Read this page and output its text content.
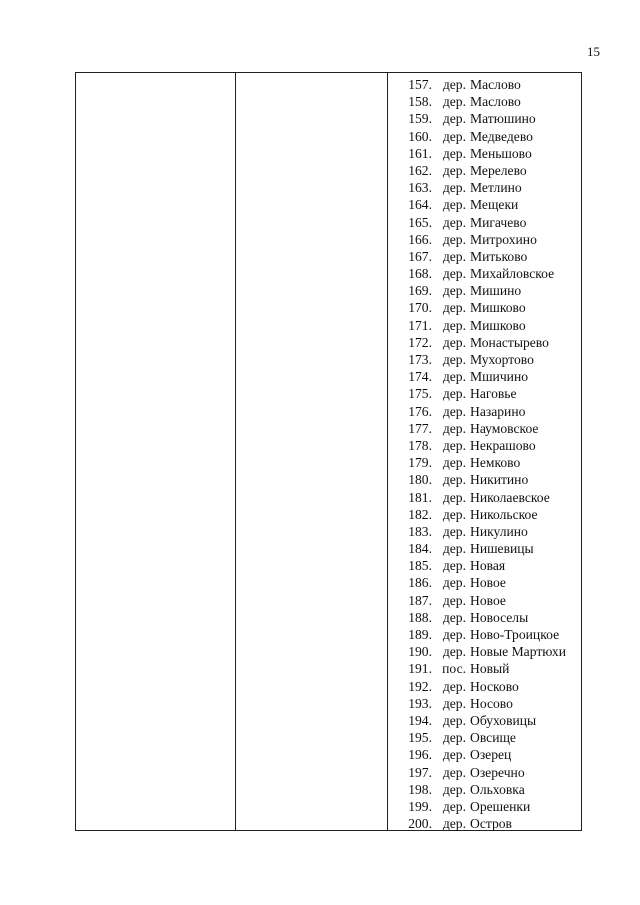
15
157. дер. Маслово
158. дер. Маслово
159. дер. Матюшино
160. дер. Медведево
161. дер. Меньшово
162. дер. Мерелево
163. дер. Метлино
164. дер. Мещеки
165. дер. Мигачево
166. дер. Митрохино
167. дер. Митьково
168. дер. Михайловское
169. дер. Мишино
170. дер. Мишково
171. дер. Мишково
172. дер. Монастырево
173. дер. Мухортово
174. дер. Мшичино
175. дер. Наговье
176. дер. Назарино
177. дер. Наумовское
178. дер. Некрашово
179. дер. Немково
180. дер. Никитино
181. дер. Николаевское
182. дер. Никольское
183. дер. Никулино
184. дер. Нишевицы
185. дер. Новая
186. дер. Новое
187. дер. Новое
188. дер. Новоселы
189. дер. Ново-Троицкое
190. дер. Новые Мартюхи
191. пос. Новый
192. дер. Носково
193. дер. Носово
194. дер. Обуховицы
195. дер. Овсище
196. дер. Озерец
197. дер. Озеречно
198. дер. Ольховка
199. дер. Орешенки
200. дер. Остров
